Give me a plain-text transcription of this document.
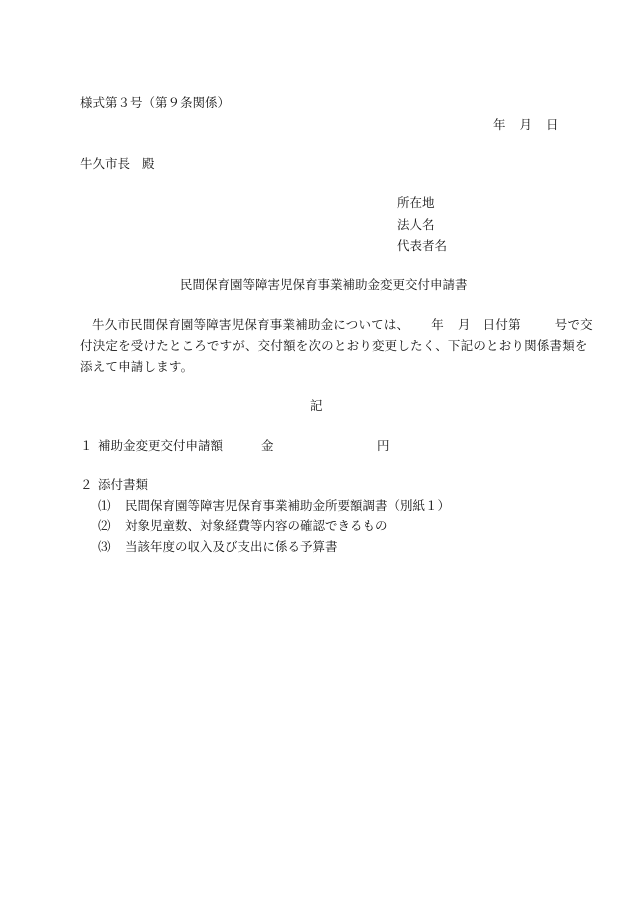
様式第３号（第９条関係）
年 月 日
牛久市長 殿
所在地
法人名
代表者名
民間保育園等障害児保育事業補助金変更交付申請書
牛久市民間保育園等障害児保育事業補助金については、 年 月 日付第	号で交
付決定を受けたところですが、交付額を次のとおり変更したく、下記のとおり関係書類を
添えて申請します。
記
１ 補助金変更交付申請額	金	円
２ 添付書類
⑴ 民間保育園等障害児保育事業補助金所要額調書（別紙１）
⑵ 対象児童数、対象経費等内容の確認できるもの
⑶ 当該年度の収入及び支出に係る予算書
